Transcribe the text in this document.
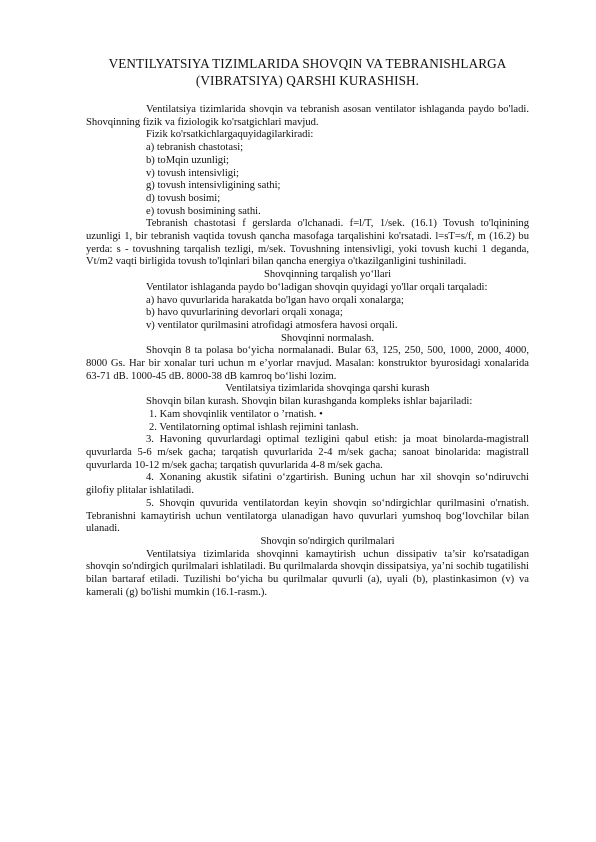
VENTILYATSIYA TIZIMLARIDA SHOVQIN VA TEBRANISHLARGA (VIBRATSIYA) QARSHI KURASHISH.

Ventilatsiya tizimlarida shovqin va tebranish asosan ventilator ishlaganda paydo bo'ladi. Shovqinning fizik va fiziologik ko'rsatgichlari mavjud.

Fizik ko'rsatkichlargaquyidagilarkiradi:

a) tebranish chastotasi;

b) toMqin uzunligi;

v) tovush intensivligi;

g) tovush intensivligining sathi;

d) tovush bosimi;

e) tovush bosimining sathi.

Tebranish chastotasi f gerslarda o'lchanadi. f=l/T, 1/sek. (16.1) Tovush to'lqinining uzunligi 1, bir tebranish vaqtida tovush qancha masofaga tarqalishini ko'rsatadi. l=sT=s/f, m (16.2) bu yerda: s - tovushning tarqalish tezligi, m/sek. Tovushning intensivligi, yoki tovush kuchi 1 deganda, Vt/m2 vaqti birligida tovush to'lqinlari bilan qancha energiya o'tkazilganligini tushiniladi.

Shovqinning tarqalish yo‘llari

Ventilator ishlaganda paydo bo‘ladigan shovqin quyidagi yo'llar orqali tarqaladi:

a) havo quvurlarida harakatda bo'lgan havo orqali xonalarga;

b) havo quvurlarining devorlari orqali xonaga;

v) ventilator qurilmasini atrofidagi atmosfera havosi orqali.

Shovqinni normalash.

Shovqin 8 ta polasa bo‘yicha normalanadi. Bular 63, 125, 250, 500, 1000, 2000, 4000, 8000 Gs. Har bir xonalar turi uchun m e’yorlar rnavjud. Masalan: konstruktor byurosidagi xonalarida 63-71 dB. 1000-45 dB. 8000-38 dB kamroq bo‘lishi lozim.

Ventilatsiya tizimlarida shovqinga qarshi kurash

Shovqin bilan kurash. Shovqin bilan kurashganda kompleks ishlar bajariladi:

1. Kam shovqinlik ventilator o ’rnatish. •

2. Ventilatorning optimal ishlash rejimini tanlash.

3. Havoning quvurlardagi optimal tezligini qabul etish: ja moat binolarda-magistrall quvurlarda 5-6 m/sek gacha; tarqatish quvurlarida 2-4 m/sek gacha; sanoat binolarida: magistrall quvurlarda 10-12 m/sek gacha; tarqatish quvurlarida 4-8 m/sek gacha.

4. Xonaning akustik sifatini o‘zgartirish. Buning uchun har xil shovqin so‘ndiruvchi gilofiy plitalar ishlatiladi.

5. Shovqin quvurida ventilatordan keyin shovqin so‘ndirgichlar qurilmasini o'rnatish. Tebranishni kamaytirish uchun ventilatorga ulanadigan havo quvurlari yumshoq bog‘lovchilar bilan ulanadi.

Shovqin so'ndirgich qurilmalari

Ventilatsiya tizimlarida shovqinni kamaytirish uchun dissipativ ta’sir ko'rsatadigan shovqin so'ndirgich qurilmalari ishlatiladi. Bu qurilmalarda shovqin dissipatsiya, ya’ni sochib tugatilishi bilan bartaraf etiladi. Tuzilishi bo‘yicha bu qurilmalar quvurli (a), uyali (b), plastinkasimon (v) va kamerali (g) bo'lishi mumkin (16.1-rasm.).
